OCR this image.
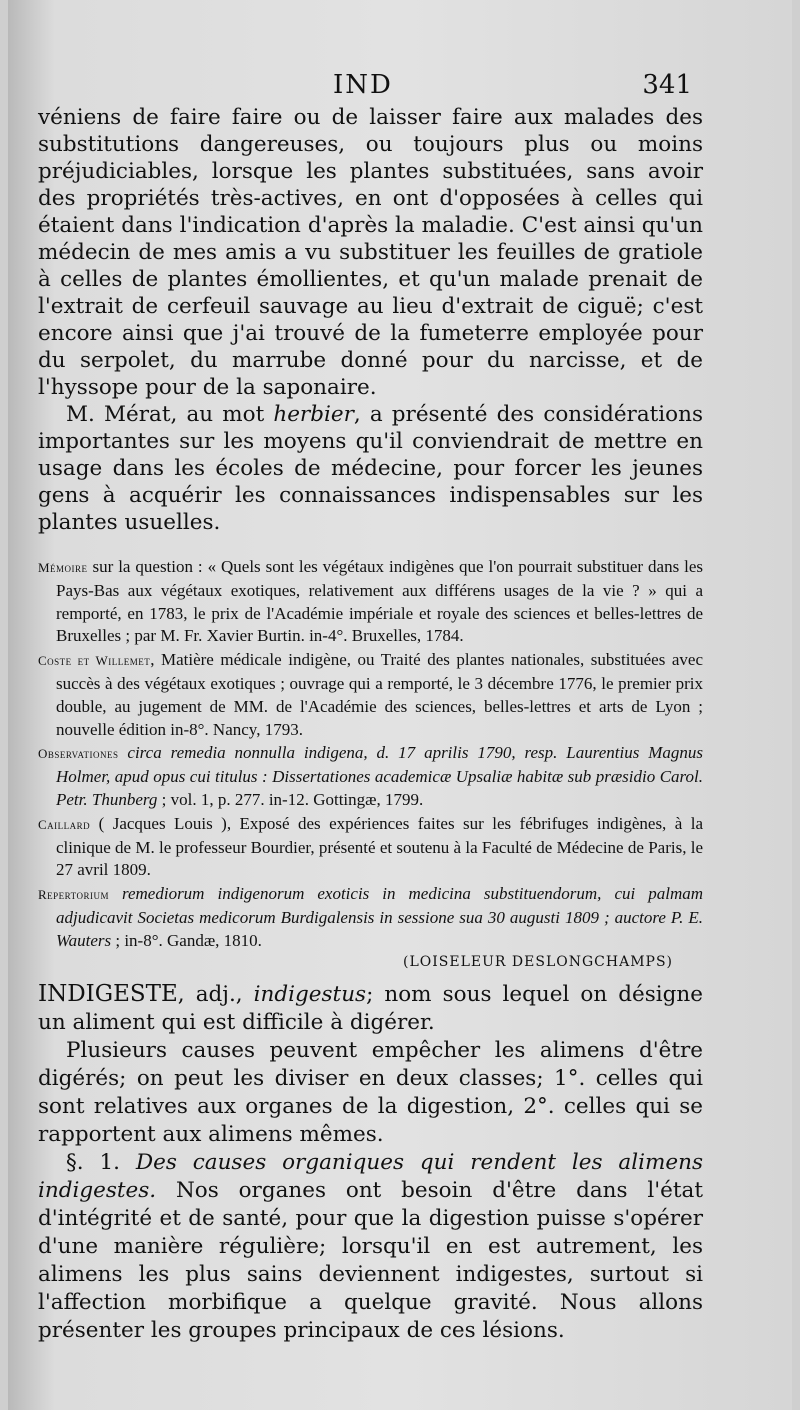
IND	341

véniens de faire faire ou de laisser faire aux malades des substitutions dangereuses, ou toujours plus ou moins préjudiciables, lorsque les plantes substituées, sans avoir des propriétés très-actives, en ont d'opposées à celles qui étaient dans l'indication d'après la maladie. C'est ainsi qu'un médecin de mes amis a vu substituer les feuilles de gratiole à celles de plantes émollientes, et qu'un malade prenait de l'extrait de cerfeuil sauvage au lieu d'extrait de ciguë; c'est encore ainsi que j'ai trouvé de la fumeterre employée pour du serpolet, du marrube donné pour du narcisse, et de l'hyssope pour de la saponaire.

M. Mérat, au mot herbier, a présenté des considérations importantes sur les moyens qu'il conviendrait de mettre en usage dans les écoles de médecine, pour forcer les jeunes gens à acquérir les connaissances indispensables sur les plantes usuelles.

Mémoire sur la question : « Quels sont les végétaux indigènes que l'on pourrait substituer dans les Pays-Bas aux végétaux exotiques, relativement aux différens usages de la vie ? » qui a remporté, en 1783, le prix de l'Académie impériale et royale des sciences et belles-lettres de Bruxelles ; par M. Fr. Xavier Burtin. in-4°. Bruxelles, 1784.

Coste et Willemet, Matière médicale indigène, ou Traité des plantes nationales, substituées avec succès à des végétaux exotiques ; ouvrage qui a remporté, le 3 décembre 1776, le premier prix double, au jugement de MM. de l'Académie des sciences, belles-lettres et arts de Lyon ; nouvelle édition in-8°. Nancy, 1793.

Observationes circa remedia nonnulla indigena, d. 17 aprilis 1790, resp. Laurentius Magnus Holmer, apud opus cui titulus : Dissertationes academicæ Upsaliæ habitæ sub præsidio Carol. Petr. Thunberg ; vol. 1, p. 277. in-12. Gottingæ, 1799.

Caillard ( Jacques Louis ), Exposé des expériences faites sur les fébrifuges indigènes, à la clinique de M. le professeur Bourdier, présenté et soutenu à la Faculté de Médecine de Paris, le 27 avril 1809.

Repertorium remediorum indigenorum exoticis in medicina substituendorum, cui palmam adjudicavit Societas medicorum Burdigalensis in sessione sua 30 augusti 1809 ; auctore P. E. Wauters ; in-8°. Gandæ, 1810.

(LOISELEUR DESLONGCHAMPS)

INDIGESTE, adj., indigestus; nom sous lequel on désigne un aliment qui est difficile à digérer.

Plusieurs causes peuvent empêcher les alimens d'être digérés; on peut les diviser en deux classes; 1°. celles qui sont relatives aux organes de la digestion, 2°. celles qui se rapportent aux alimens mêmes.

§. 1. Des causes organiques qui rendent les alimens indigestes. Nos organes ont besoin d'être dans l'état d'intégrité et de santé, pour que la digestion puisse s'opérer d'une manière régulière; lorsqu'il en est autrement, les alimens les plus sains deviennent indigestes, surtout si l'affection morbifique a quelque gravité. Nous allons présenter les groupes principaux de ces lésions.
